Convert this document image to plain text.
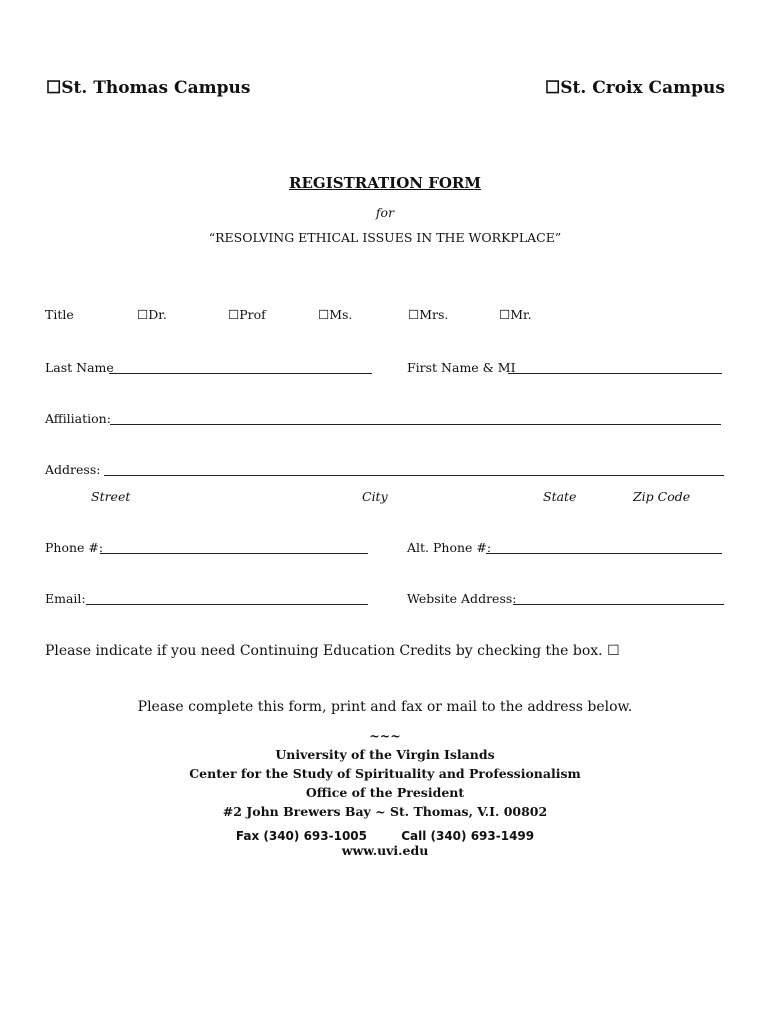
☐St. Thomas Campus	☐St. Croix Campus
REGISTRATION FORM
for
“RESOLVING ETHICAL ISSUES IN THE WORKPLACE”
Title	☐Dr.	☐Prof	☐Ms.	☐Mrs.	☐Mr.
Last Name	First Name & MI
Affiliation:
Address:
Street	City	State	Zip Code
Phone #:	Alt. Phone #:
Email:	Website Address:
Please indicate if you need Continuing Education Credits by checking the box. ☐
Please complete this form, print and fax or mail to the address below.
~~~
University of the Virgin Islands
Center for the Study of Spirituality and Professionalism
Office of the President
#2 John Brewers Bay ~ St. Thomas, V.I. 00802
Fax (340) 693-1005	Call (340) 693-1499
www.uvi.edu
